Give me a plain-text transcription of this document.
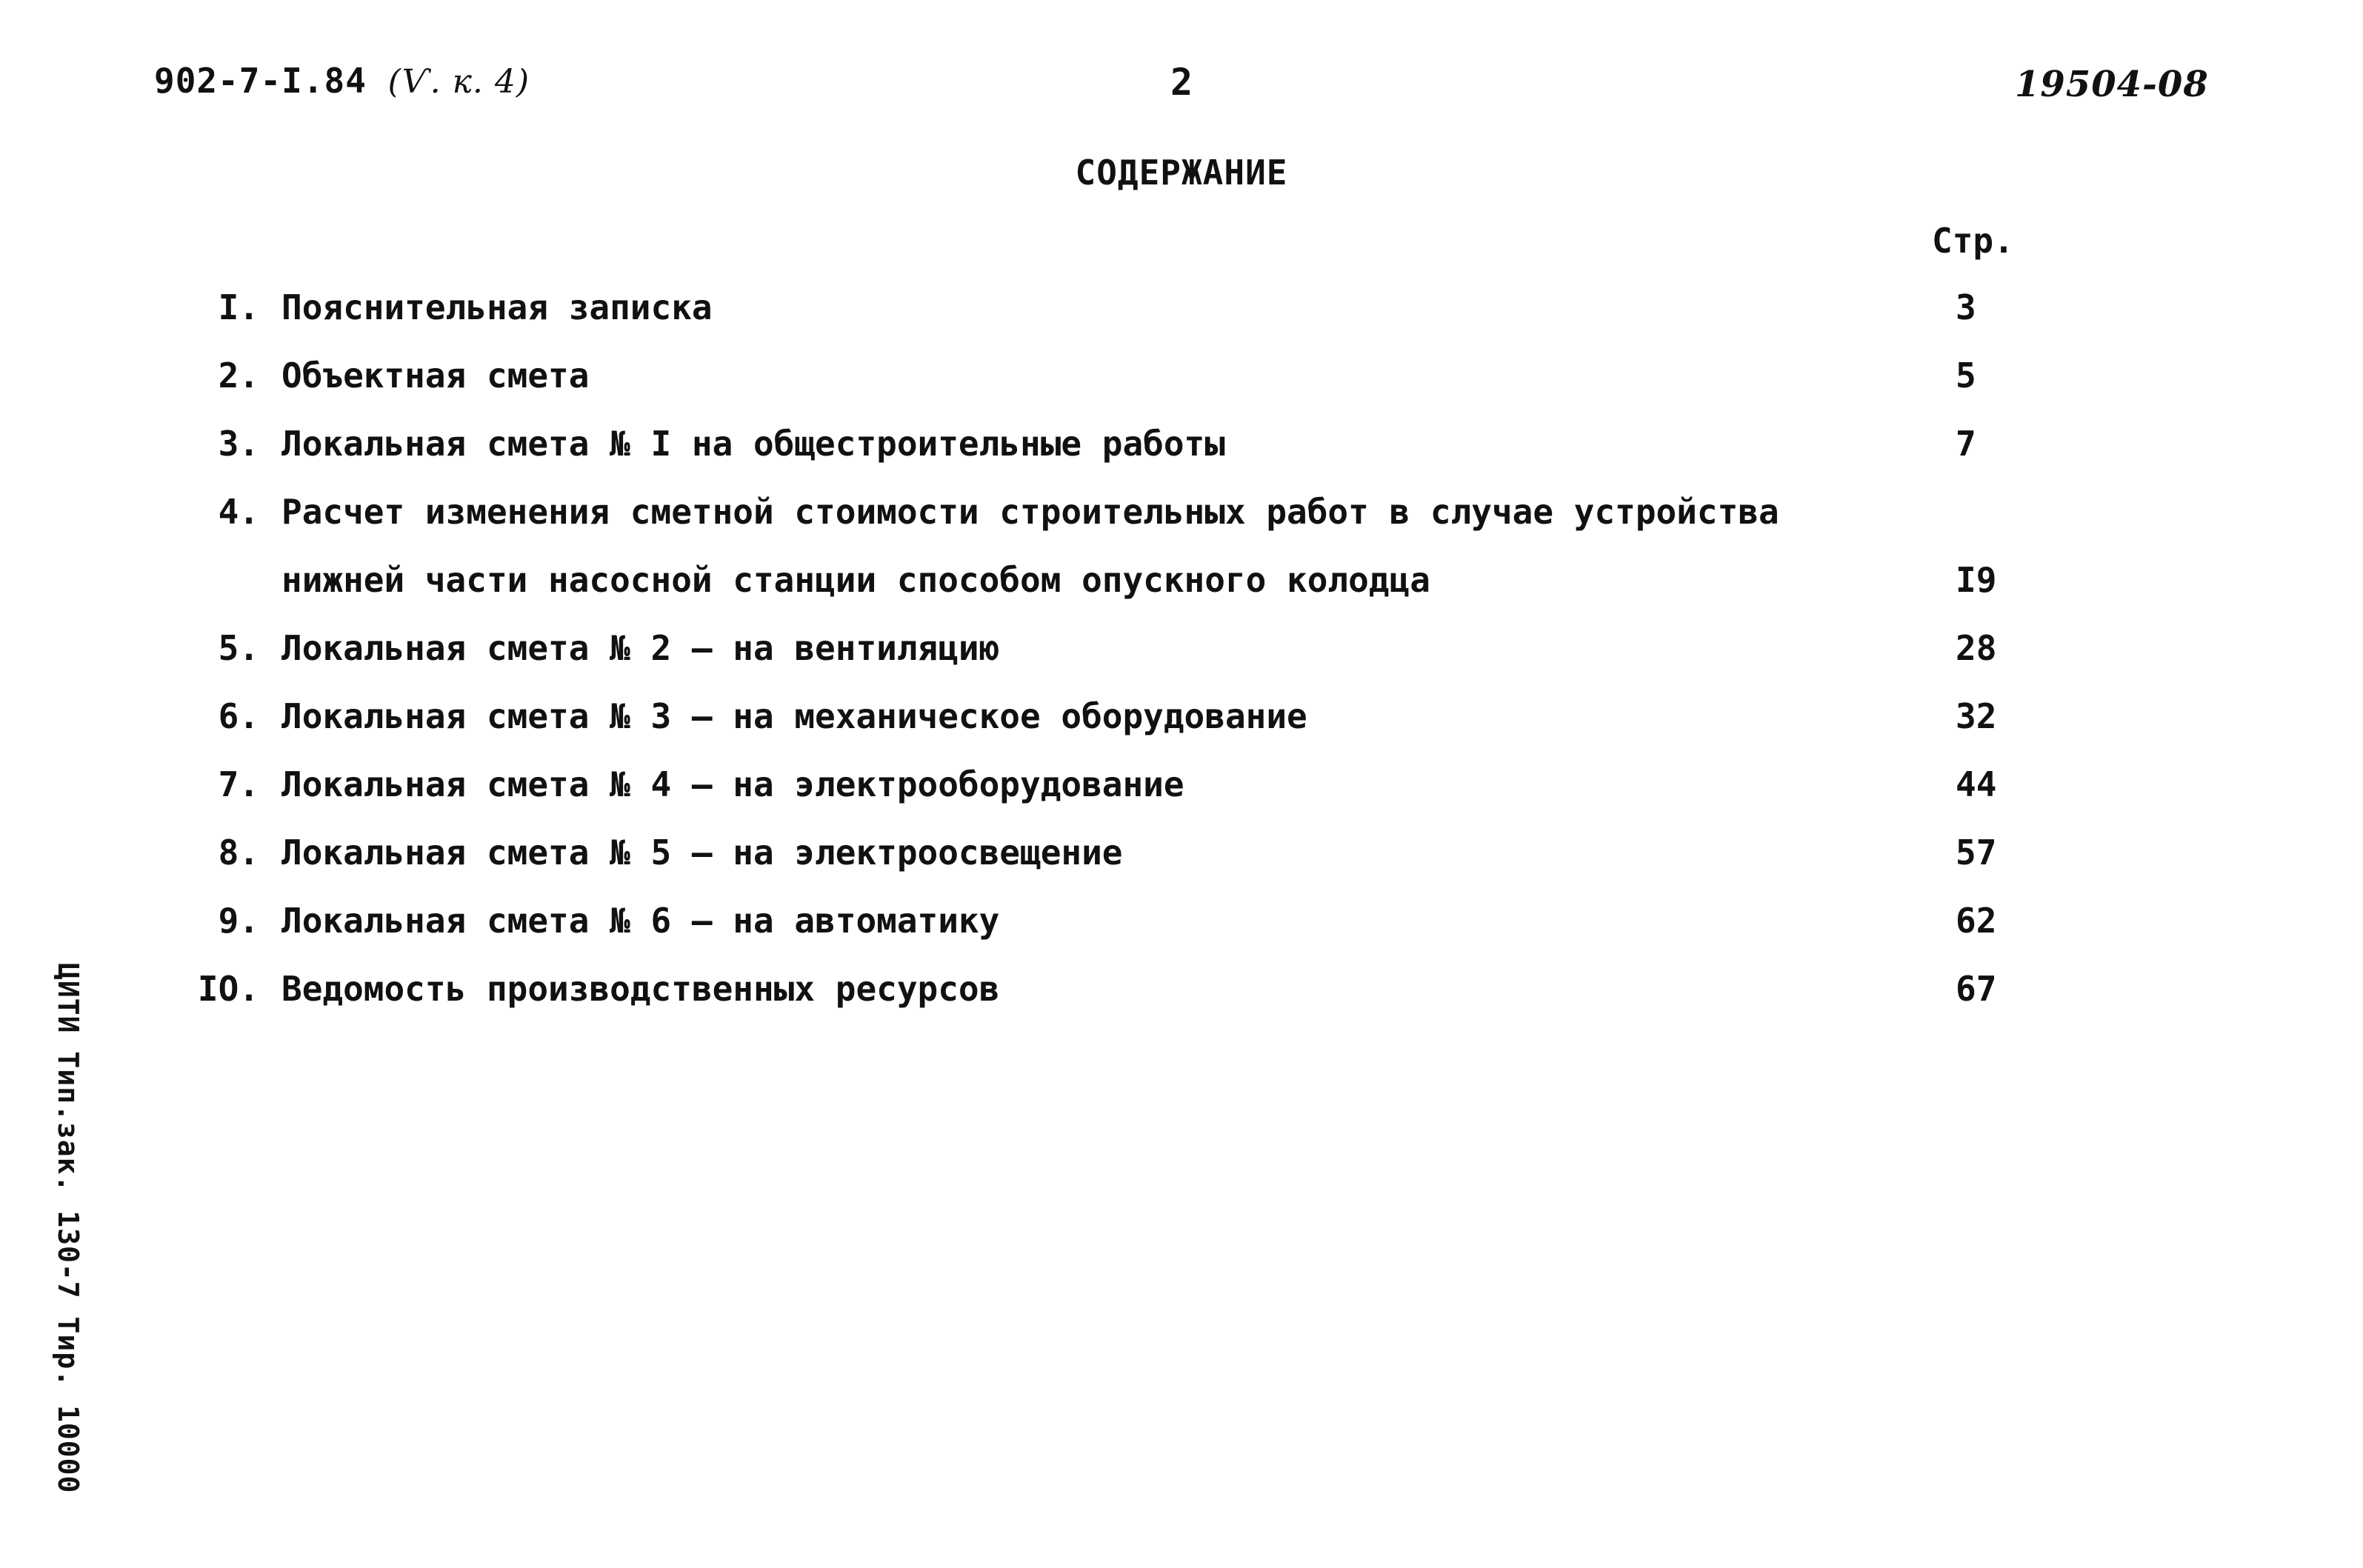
902-7-I.84 (Ѵ. к. 4)	2	19504-08
СОДЕРЖАНИЕ
Стр.
I. Пояснительная записка	3
2. Объектная смета	5
3. Локальная смета № I на общестроительные работы	7
4. Расчет изменения сметной стоимости строительных работ в случае устройства
нижней части насосной станции способом опускного колодца	I9
5. Локальная смета № 2 – на вентиляцию	28
6. Локальная смета № 3 – на механическое оборудование	32
7. Локальная смета № 4 – на электрооборудование	44
8. Локальная смета № 5 – на электроосвещение	57
9. Локальная смета № 6 – на автоматику	62
IO. Ведомость производственных ресурсов	67
ЦИТИ Тип.зак. 130-7 Тир. 10000
